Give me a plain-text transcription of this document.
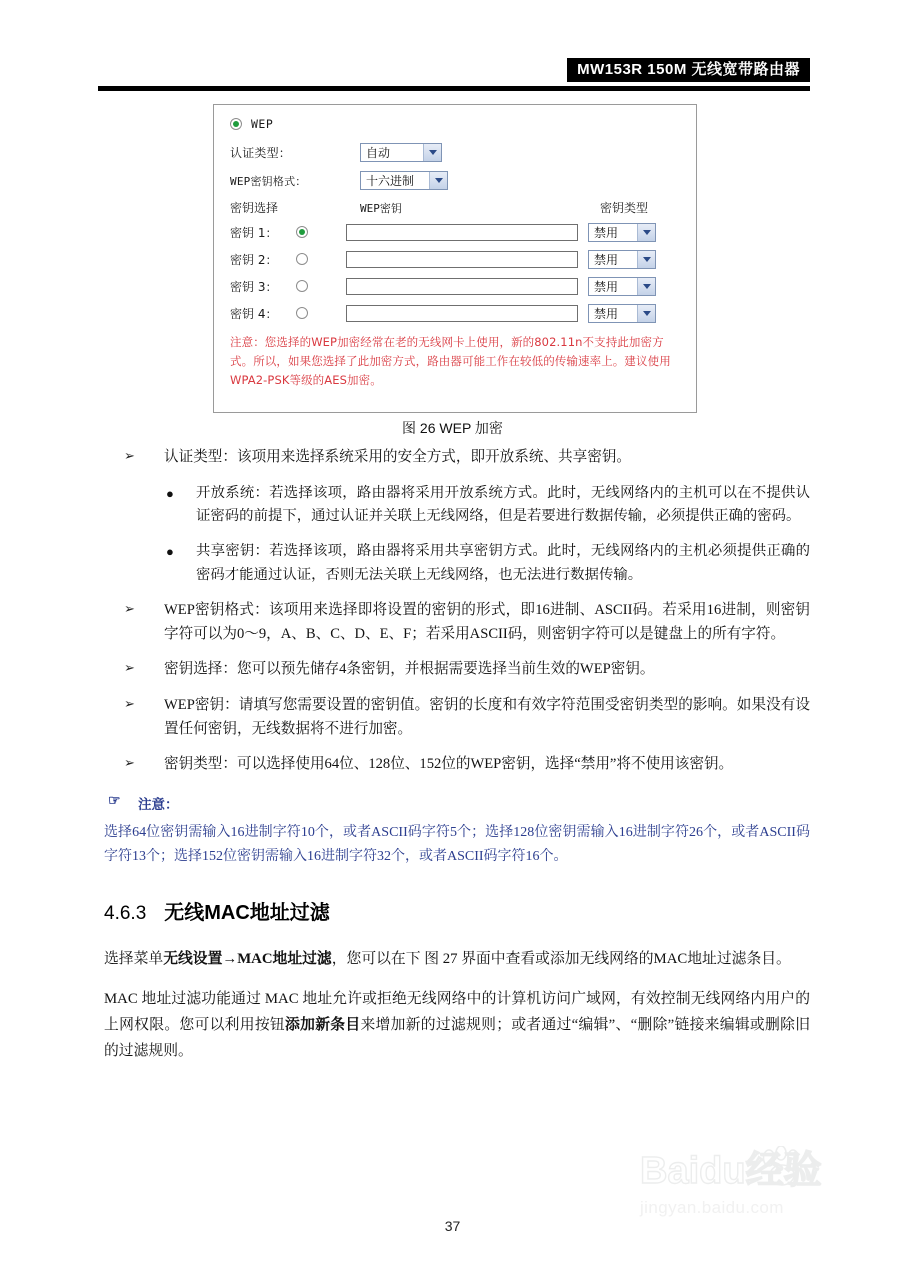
MW153R 150M 无线宽带路由器
WEP
认证类型：	自动
WEP密钥格式：	十六进制
密钥选择	WEP密钥	密钥类型
密钥 1：	禁用
密钥 2：	禁用
密钥 3：	禁用
密钥 4：	禁用
注意：您选择的WEP加密经常在老的无线网卡上使用，新的802.11n不支持此加密方式。所以，如果您选择了此加密方式，路由器可能工作在较低的传输速率上。建议使用WPA2-PSK等级的AES加密。
图 26 WEP 加密
➢ 认证类型：该项用来选择系统采用的安全方式，即开放系统、共享密钥。
● 开放系统：若选择该项，路由器将采用开放系统方式。此时，无线网络内的主机可以在不提供认证密码的前提下，通过认证并关联上无线网络，但是若要进行数据传输，必须提供正确的密码。
● 共享密钥：若选择该项，路由器将采用共享密钥方式。此时，无线网络内的主机必须提供正确的密码才能通过认证，否则无法关联上无线网络，也无法进行数据传输。
➢ WEP密钥格式：该项用来选择即将设置的密钥的形式，即16进制、ASCII码。若采用16进制，则密钥字符可以为0～9，A、B、C、D、E、F；若采用ASCII码，则密钥字符可以是键盘上的所有字符。
➢ 密钥选择：您可以预先储存4条密钥，并根据需要选择当前生效的WEP密钥。
➢ WEP密钥：请填写您需要设置的密钥值。密钥的长度和有效字符范围受密钥类型的影响。如果没有设置任何密钥，无线数据将不进行加密。
➢ 密钥类型：可以选择使用64位、128位、152位的WEP密钥，选择“禁用”将不使用该密钥。
☞ 注意：
选择64位密钥需输入16进制字符10个，或者ASCII码字符5个；选择128位密钥需输入16进制字符26个，或者ASCII码字符13个；选择152位密钥需输入16进制字符32个，或者ASCII码字符16个。
4.6.3 无线MAC地址过滤
选择菜单无线设置→MAC地址过滤，您可以在下 图 27 界面中查看或添加无线网络的MAC地址过滤条目。
MAC 地址过滤功能通过 MAC 地址允许或拒绝无线网络中的计算机访问广域网，有效控制无线网络内用户的上网权限。您可以利用按钮添加新条目来增加新的过滤规则；或者通过“编辑”、“删除”链接来编辑或删除旧的过滤规则。
Baidu经验
jingyan.baidu.com
37
